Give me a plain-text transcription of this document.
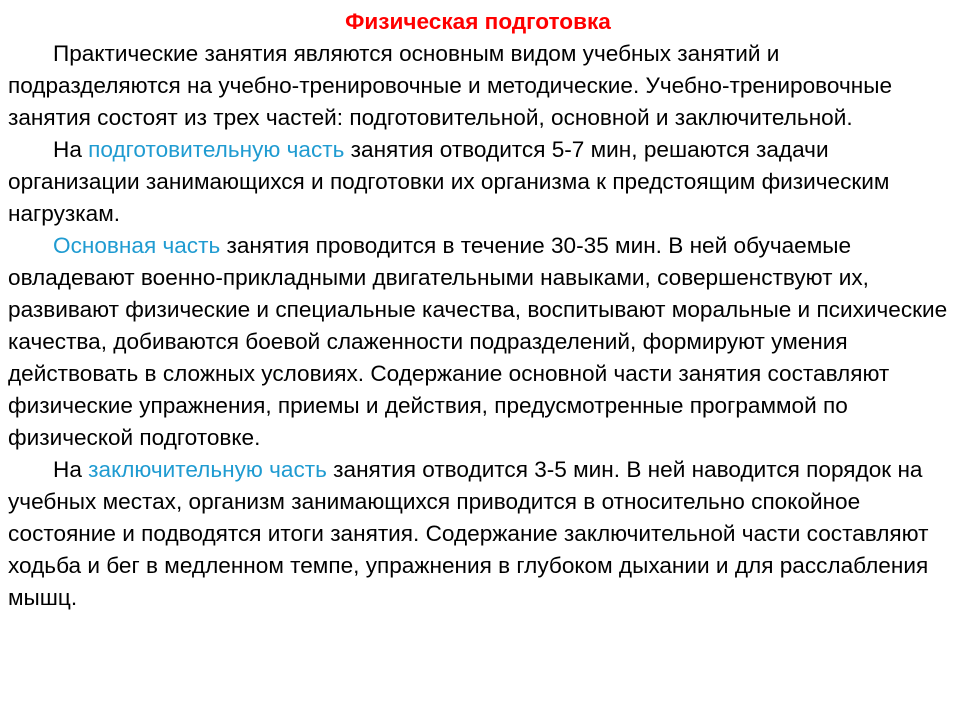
Физическая подготовка

Практические занятия являются основным видом учебных занятий и подразделяются на учебно-тренировочные и методические. Учебно-тренировочные занятия состоят из трех частей: подготовительной, основной и заключительной.

На подготовительную часть занятия отводится 5-7 мин, решаются задачи организации занимающихся и подготовки их организма к предстоящим физическим нагрузкам.

Основная часть занятия проводится в течение 30-35 мин. В ней обучаемые овладевают военно-прикладными двигательными навыками, совершенствуют их, развивают физические и специальные качества, воспитывают моральные и психические качества, добиваются боевой слаженности подразделений, формируют умения действовать в сложных условиях. Содержание основной части занятия составляют физические упражнения, приемы и действия, предусмотренные программой по физической подготовке.

На заключительную часть занятия отводится 3-5 мин. В ней наводится порядок на учебных местах, организм занимающихся приводится в относительно спокойное состояние и подводятся итоги занятия. Содержание заключительной части составляют ходьба и бег в медленном темпе, упражнения в глубоком дыхании и для расслабления мышц.
